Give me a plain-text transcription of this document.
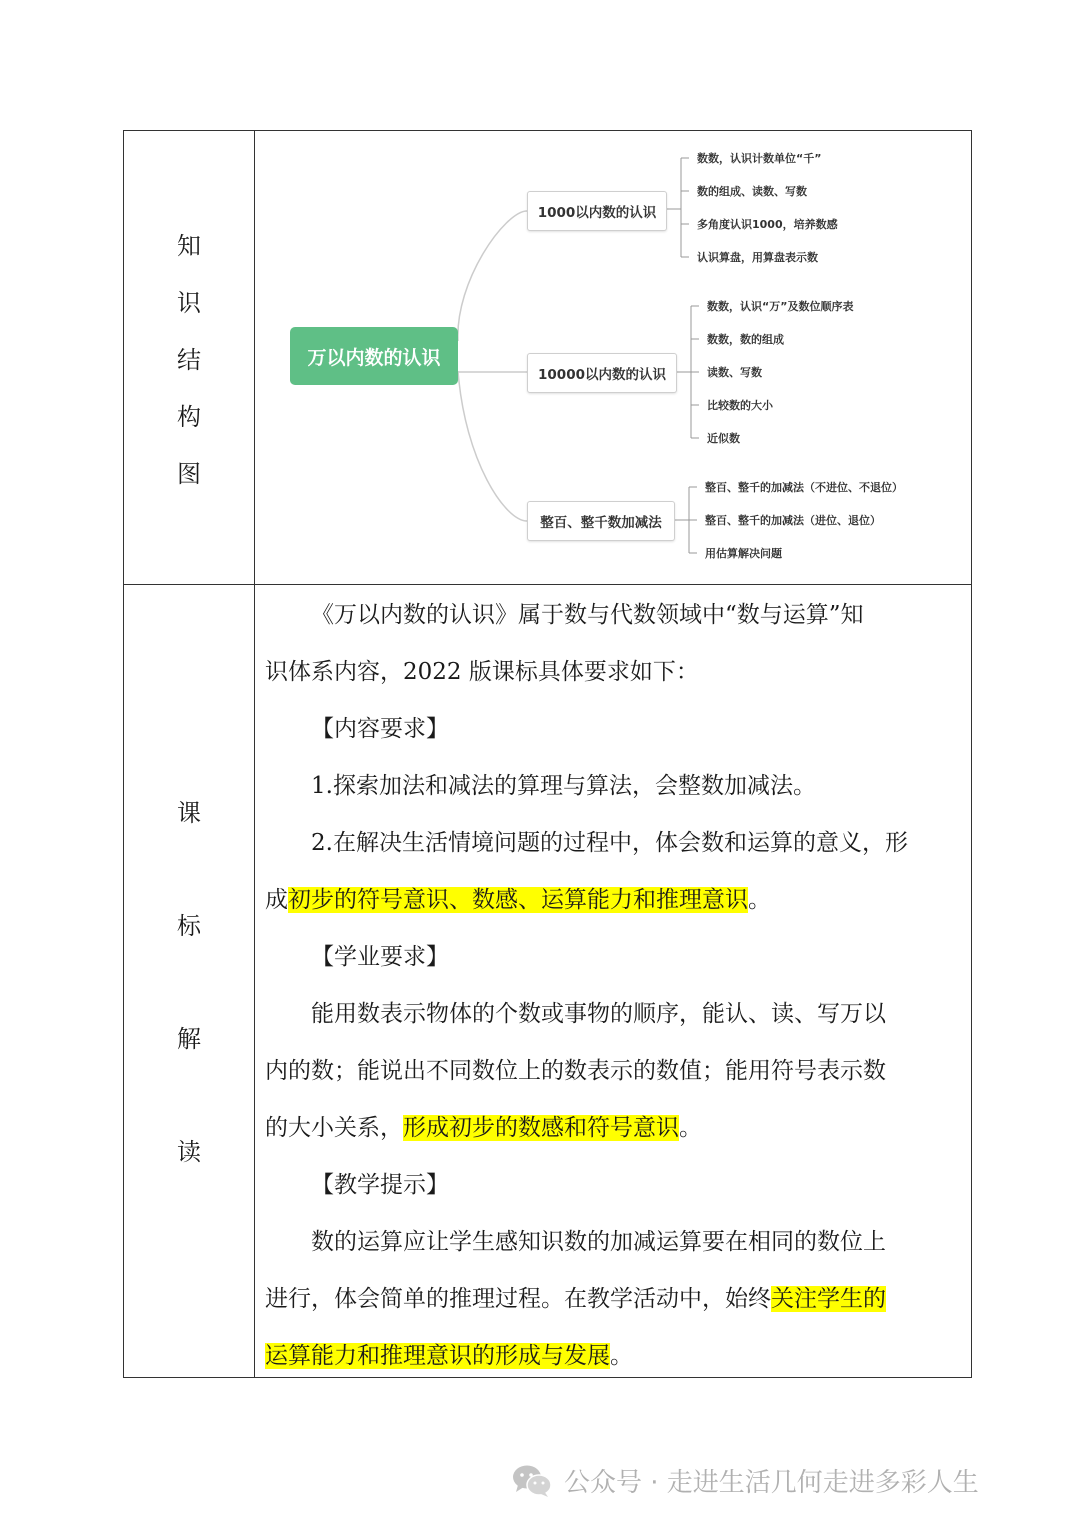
知
识
结
构
图
课
标
解
读
万以内数的认识
1000以内数的认识
10000以内数的认识
整百、整千数加减法
数数，认识计数单位“千”
数的组成、读数、写数
多角度认识1000，培养数感
认识算盘，用算盘表示数
数数，认识“万”及数位顺序表
数数，数的组成
读数、写数
比较数的大小
近似数
整百、整千的加减法（不进位、不退位）
整百、整千的加减法（进位、退位）
用估算解决问题
《万以内数的认识》属于数与代数领域中“数与运算”知
识体系内容，2022 版课标具体要求如下：
【内容要求】
1.探索加法和减法的算理与算法，会整数加减法。
2.在解决生活情境问题的过程中，体会数和运算的意义，形
成初步的符号意识、数感、运算能力和推理意识。
【学业要求】
能用数表示物体的个数或事物的顺序，能认、读、写万以
内的数；能说出不同数位上的数表示的数值；能用符号表示数
的大小关系，形成初步的数感和符号意识。
【教学提示】
数的运算应让学生感知识数的加减运算要在相同的数位上
进行，体会简单的推理过程。在教学活动中，始终关注学生的
运算能力和推理意识的形成与发展。
公众号 · 走进生活几何走进多彩人生
